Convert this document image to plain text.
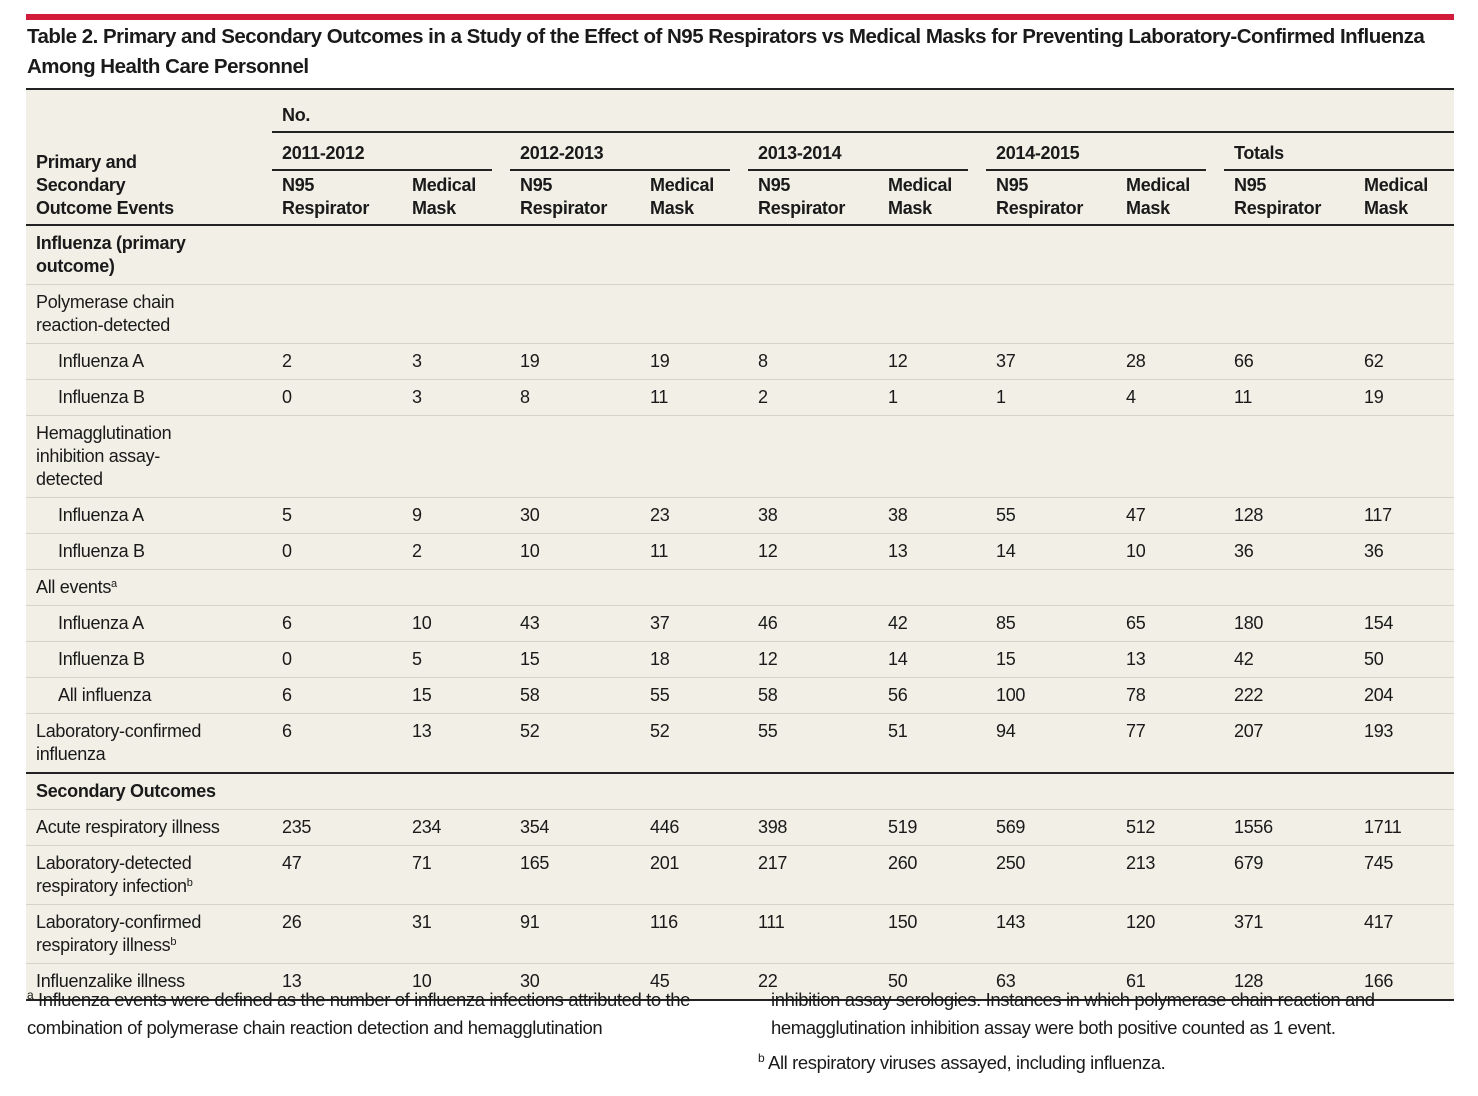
Table 2. Primary and Secondary Outcomes in a Study of the Effect of N95 Respirators vs Medical Masks for Preventing Laboratory-Confirmed Influenza Among Health Care Personnel
Primary and Secondary Outcome Events	No.									

	2011-2012		2012-2013		2013-2014		2014-2015		Totals	

	N95 Respirator	Medical Mask	N95 Respirator	Medical Mask	N95 Respirator	Medical Mask	N95 Respirator	Medical Mask	N95 Respirator	Medical Mask

Influenza (primary outcome)										

Polymerase chain reaction-detected										

Influenza A	2	3	19	19	8	12	37	28	66	62

Influenza B	0	3	8	11	2	1	1	4	11	19

Hemagglutination inhibition assay-detected										

Influenza A	5	9	30	23	38	38	55	47	128	117

Influenza B	0	2	10	11	12	13	14	10	36	36

All events$^a$

Influenza A	6	10	43	37	46	42	85	65	180	154

Influenza B	0	5	15	18	12	14	15	13	42	50

All influenza	6	15	58	55	58	56	100	78	222	204

Laboratory-confirmed influenza	6	13	52	52	55	51	94	77	207	193

Secondary Outcomes										

Acute respiratory illness	235	234	354	446	398	519	569	512	1556	1711

Laboratory-detected respiratory infection$^b$	47	71	165	201	217	260	250	213	679	745

Laboratory-confirmed respiratory illness$^b$	26	31	91	116	111	150	143	120	371	417

Influenzalike illness	13	10	30	45	22	50	63	61	128	166
$^a$ Influenza events were defined as the number of influenza infections attributed to the combination of polymerase chain reaction detection and hemagglutination
inhibition assay serologies. Instances in which polymerase chain reaction and hemagglutination inhibition assay were both positive counted as 1 event.
$^b$ All respiratory viruses assayed, including influenza.
